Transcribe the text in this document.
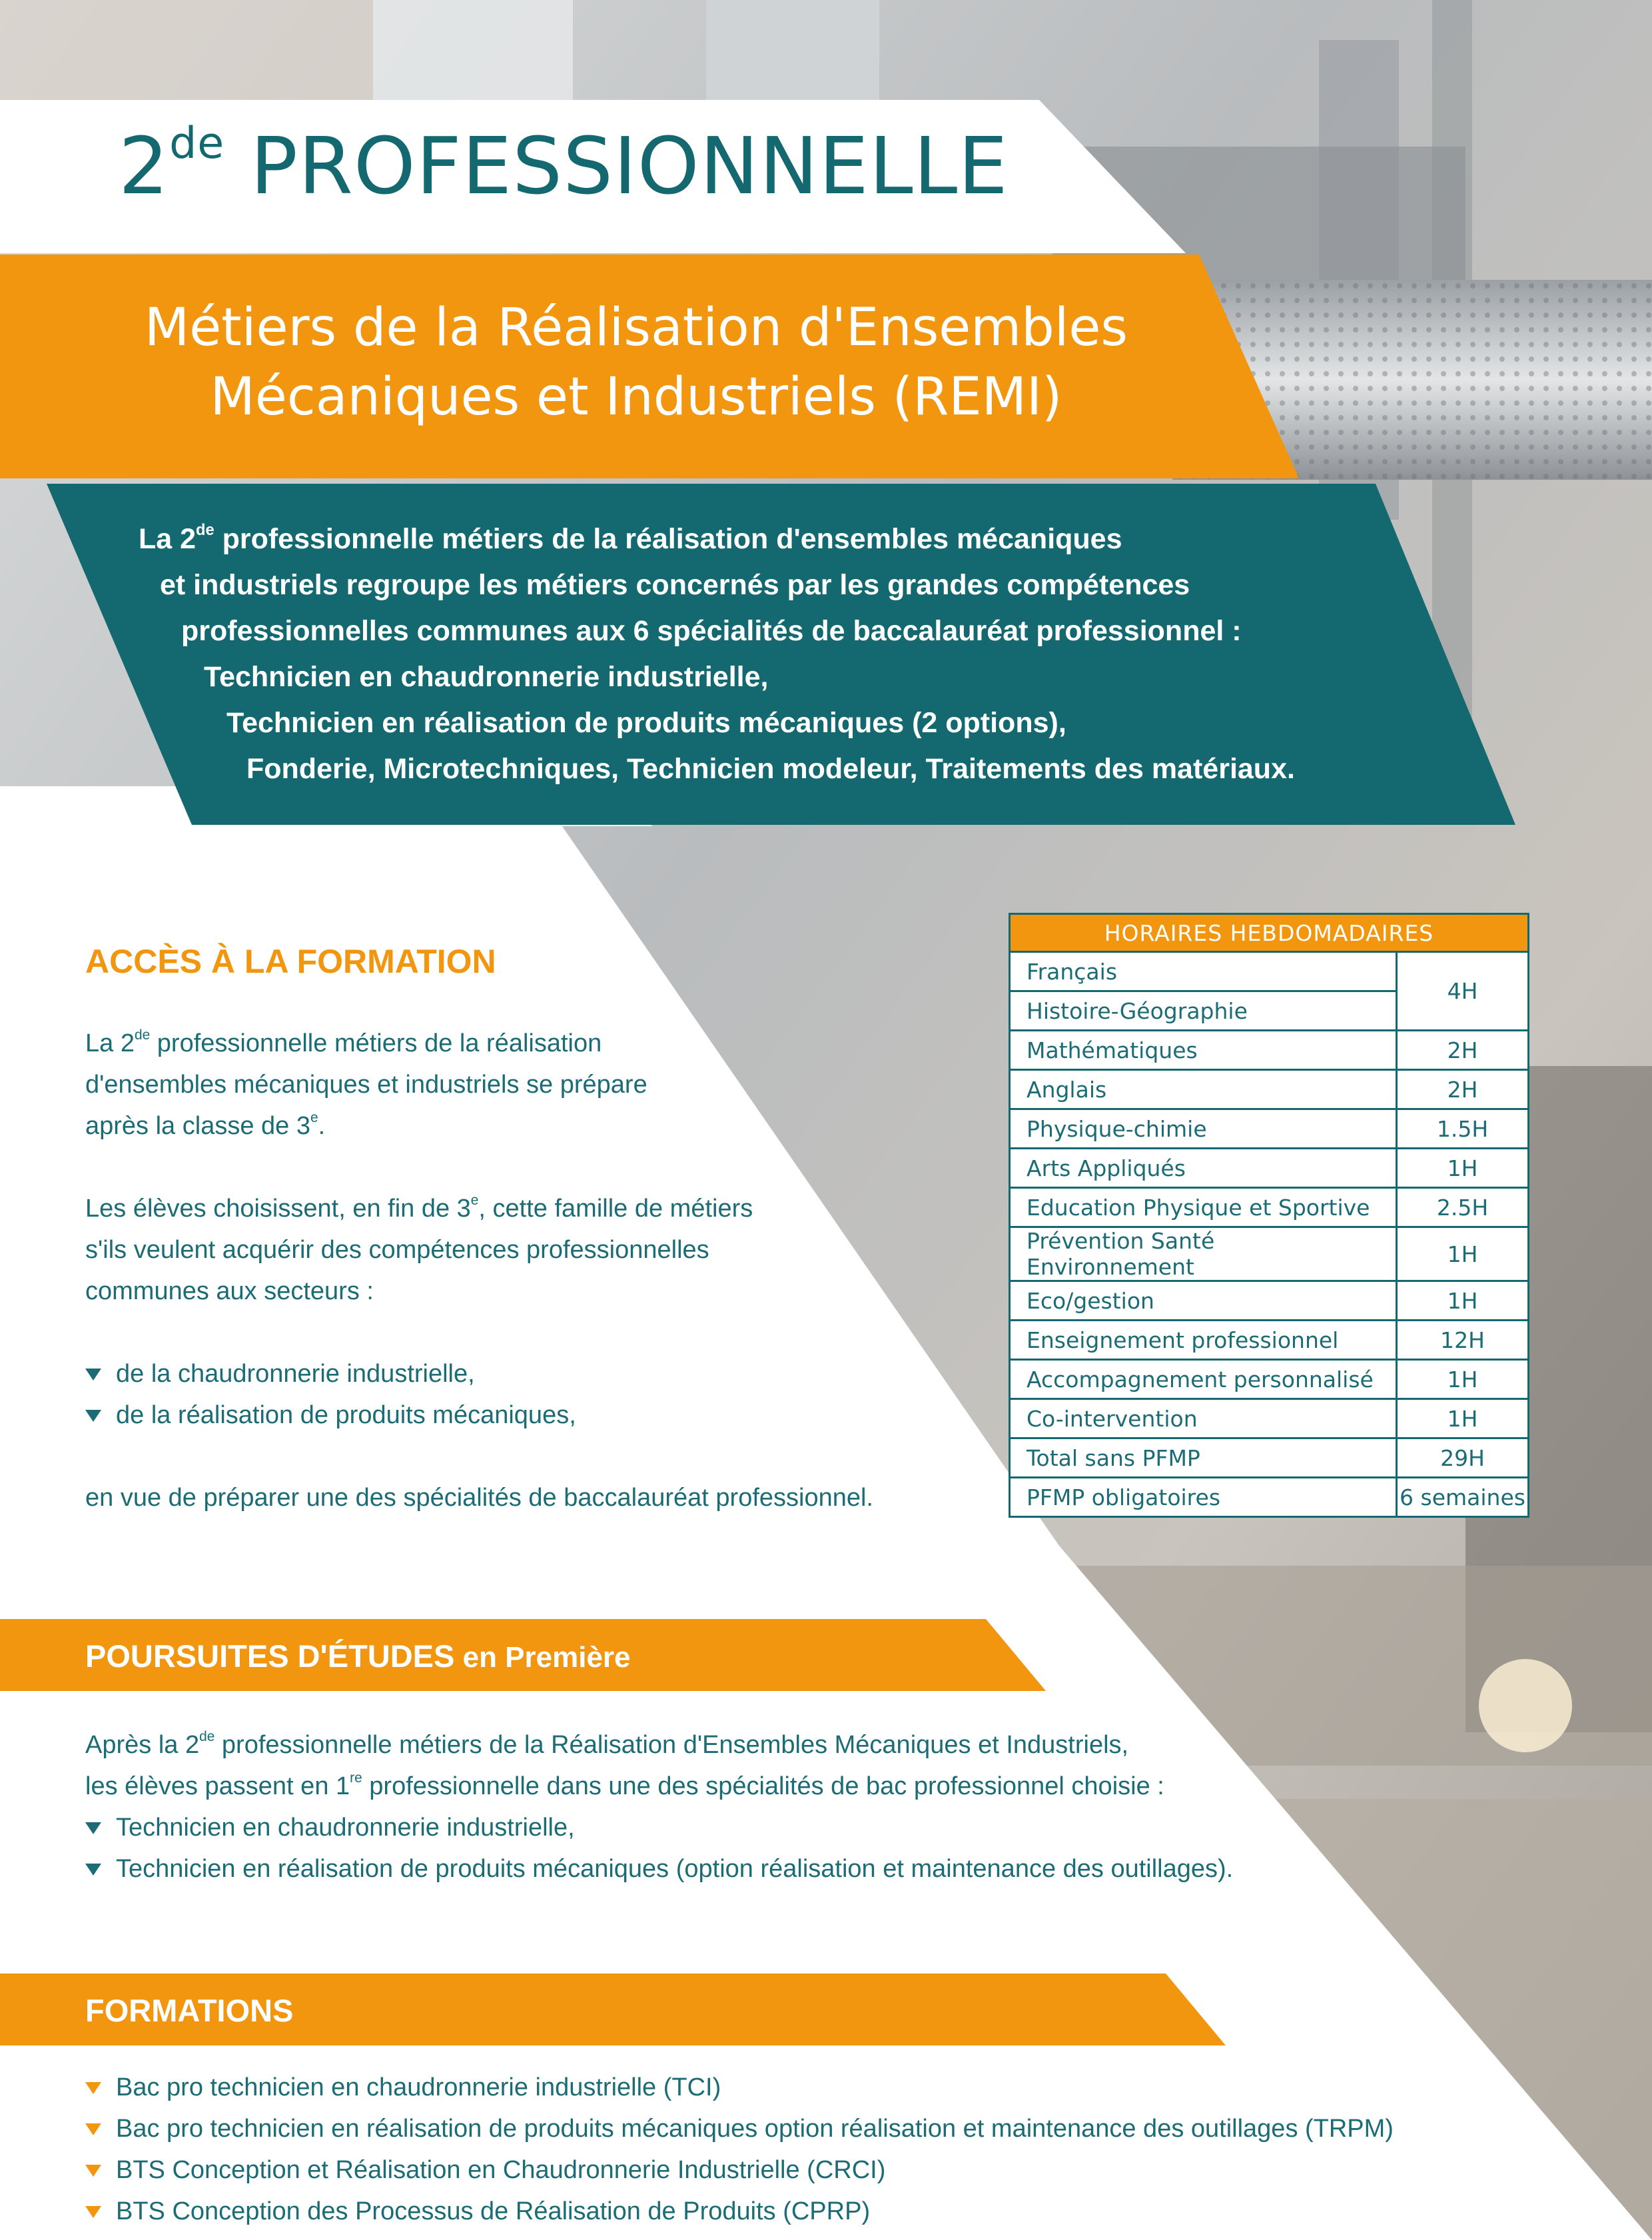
2de PROFESSIONNELLE
Métiers de la Réalisation d'Ensembles
Mécaniques et Industriels (REMI)
La 2de professionnelle métiers de la réalisation d'ensembles mécaniques
et industriels regroupe les métiers concernés par les grandes compétences
professionnelles communes aux 6 spécialités de baccalauréat professionnel :
Technicien en chaudronnerie industrielle,
Technicien en réalisation de produits mécaniques (2 options),
Fonderie, Microtechniques, Technicien modeleur, Traitements des matériaux.
ACCÈS À LA FORMATION
La 2de professionnelle métiers de la réalisation
d'ensembles mécaniques et industriels se prépare
après la classe de 3e.
Les élèves choisissent, en fin de 3e, cette famille de métiers
s'ils veulent acquérir des compétences professionnelles
communes aux secteurs :
de la chaudronnerie industrielle,
de la réalisation de produits mécaniques,
en vue de préparer une des spécialités de baccalauréat professionnel.
HORAIRES HEBDOMADAIRES	
Français	4H
Histoire-Géographie	
Mathématiques	2H
Anglais	2H
Physique-chimie	1.5H
Arts Appliqués	1H
Education Physique et Sportive	2.5H
Prévention Santé Environnement	1H
Eco/gestion	1H
Enseignement professionnel	12H
Accompagnement personnalisé	1H
Co-intervention	1H
Total sans PFMP	29H
PFMP obligatoires	6 semaines
POURSUITES D'ÉTUDES en Première
Après la 2de professionnelle métiers de la Réalisation d'Ensembles Mécaniques et Industriels,
les élèves passent en 1re professionnelle dans une des spécialités de bac professionnel choisie :
Technicien en chaudronnerie industrielle,
Technicien en réalisation de produits mécaniques (option réalisation et maintenance des outillages).
FORMATIONS
Bac pro technicien en chaudronnerie industrielle (TCI)
Bac pro technicien en réalisation de produits mécaniques option réalisation et maintenance des outillages (TRPM)
BTS Conception et Réalisation en Chaudronnerie Industrielle (CRCI)
BTS Conception des Processus de Réalisation de Produits (CPRP)
